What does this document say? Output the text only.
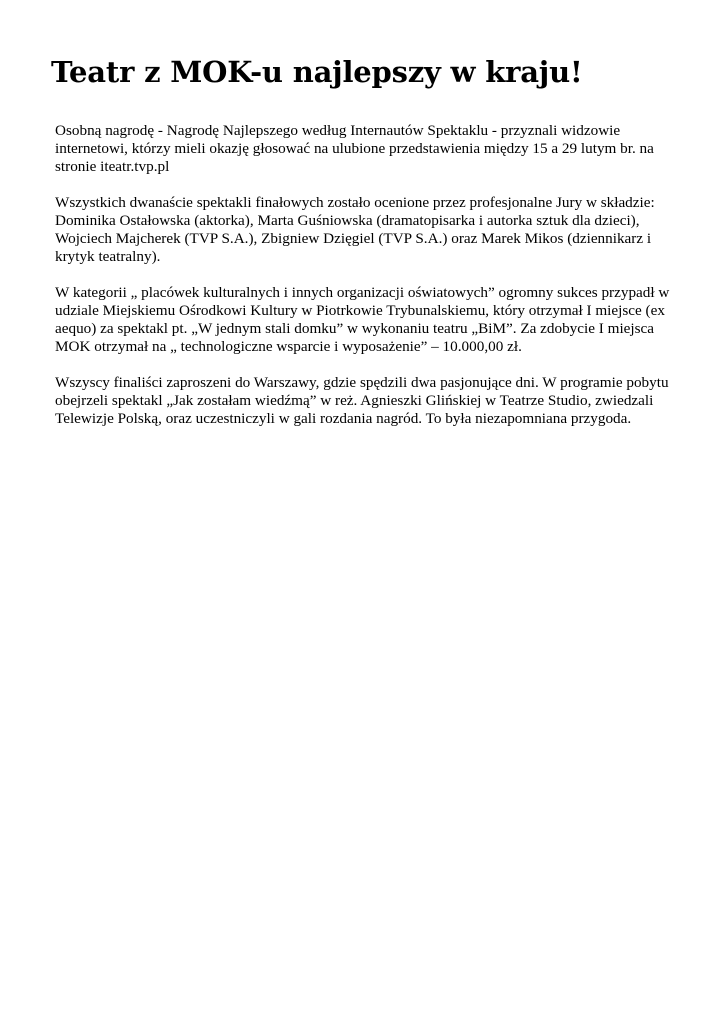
Teatr z MOK-u najlepszy w kraju!

Osobną nagrodę - Nagrodę Najlepszego według Internautów Spektaklu - przyznali widzowie
internetowi, którzy mieli okazję głosować na ulubione przedstawienia między 15 a 29 lutym br. na
stronie iteatr.tvp.pl

Wszystkich dwanaście spektakli finałowych zostało ocenione przez profesjonalne Jury w składzie:
Dominika Ostałowska (aktorka), Marta Guśniowska (dramatopisarka i autorka sztuk dla dzieci),
Wojciech Majcherek (TVP S.A.), Zbigniew Dzięgiel (TVP S.A.) oraz Marek Mikos (dziennikarz i
krytyk teatralny).

W kategorii „ placówek kulturalnych i innych organizacji oświatowych” ogromny sukces przypadł w
udziale Miejskiemu Ośrodkowi Kultury w Piotrkowie Trybunalskiemu, który otrzymał I miejsce (ex
aequo) za spektakl pt. „W jednym stali domku” w wykonaniu teatru „BiM”. Za zdobycie I miejsca
MOK otrzymał na „ technologiczne wsparcie i wyposażenie” – 10.000,00 zł.

Wszyscy finaliści zaproszeni do Warszawy, gdzie spędzili dwa pasjonujące dni. W programie pobytu
obejrzeli spektakl „Jak zostałam wiedźmą” w reż. Agnieszki Glińskiej w Teatrze Studio, zwiedzali
Telewizje Polską, oraz uczestniczyli w gali rozdania nagród. To była niezapomniana przygoda.
